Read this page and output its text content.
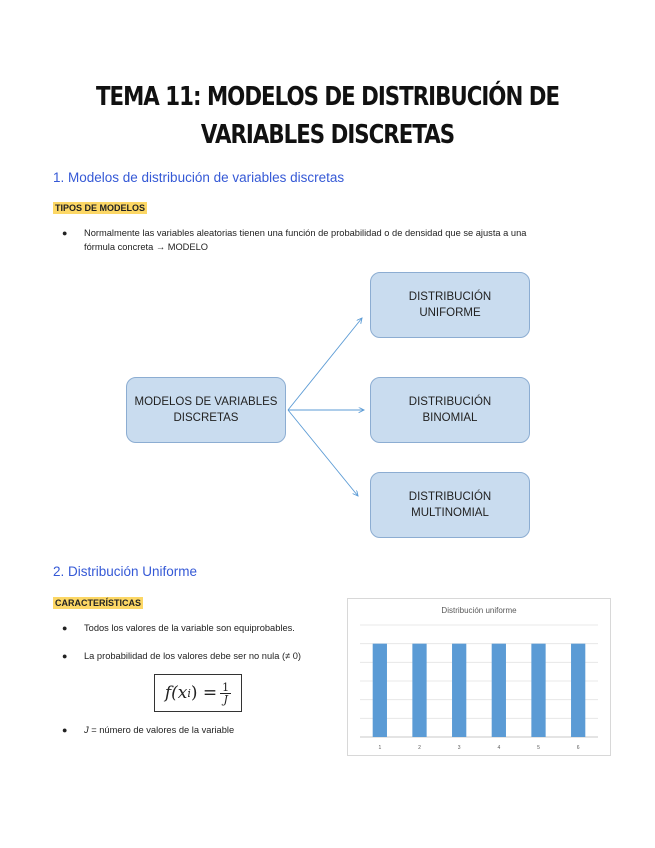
TEMA 11: MODELOS DE DISTRIBUCIÓN DE
VARIABLES DISCRETAS
1. Modelos de distribución de variables discretas
TIPOS DE MODELOS
● Normalmente las variables aleatorias tienen una función de probabilidad o de densidad que se ajusta a una
fórmula concreta → MODELO
MODELOS DE VARIABLES
DISCRETAS
DISTRIBUCIÓN
UNIFORME
DISTRIBUCIÓN
BINOMIAL
DISTRIBUCIÓN
MULTINOMIAL
2. Distribución Uniforme
CARACTERÍSTICAS
● Todos los valores de la variable son equiprobables.
● La probabilidad de los valores debe ser no nula (≠ 0)
f(x i ) = $\frac{1}{J}$
● J = número de valores de la variable
Distribución uniforme
1	2	3	4	5	6
